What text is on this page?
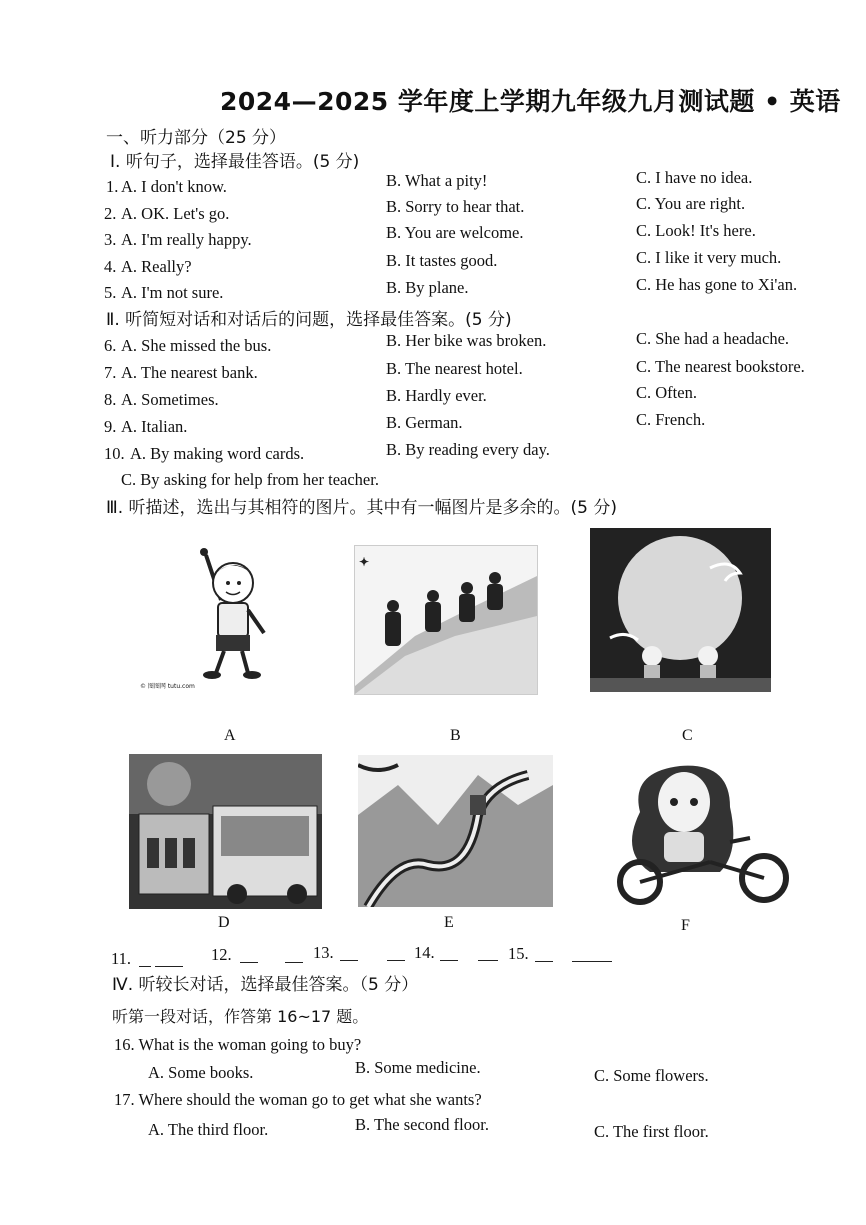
2024—2025 学年度上学期九年级九月测试题 • 英语
一、听力部分（25 分）
Ⅰ. 听句子，选择最佳答语。(5 分)
1. A. I don't know.	B. What a pity!	C. I have no idea.
2. A. OK. Let's go.	B. Sorry to hear that.	C. You are right.
3. A. I'm really happy.	B. You are welcome.	C. Look! It's here.
4. A. Really?	B. It tastes good.	C. I like it very much.
5. A. I'm not sure.	B. By plane.	C. He has gone to Xi'an.
Ⅱ. 听简短对话和对话后的问题，选择最佳答案。(5 分)
6. A. She missed the bus.	B. Her bike was broken.	C. She had a headache.
7. A. The nearest bank.	B. The nearest hotel.	C. The nearest bookstore.
8. A. Sometimes.	B. Hardly ever.	C. Often.
9. A. Italian.	B. German.	C. French.
10. A. By making word cards.	B. By reading every day.
C. By asking for help from her teacher.
Ⅲ. 听描述，选出与其相符的图片。其中有一幅图片是多余的。(5 分)
© 图图网 tutu.com
A
✦
B	C
D	E	F
11.	12.	13.	14.	15.
Ⅳ. 听较长对话，选择最佳答案。（5 分）
听第一段对话，作答第 16~17 题。
16. What is the woman going to buy?
A. Some books.	B. Some medicine.	C. Some flowers.
17. Where should the woman go to get what she wants?
A. The third floor.	B. The second floor.	C. The first floor.
